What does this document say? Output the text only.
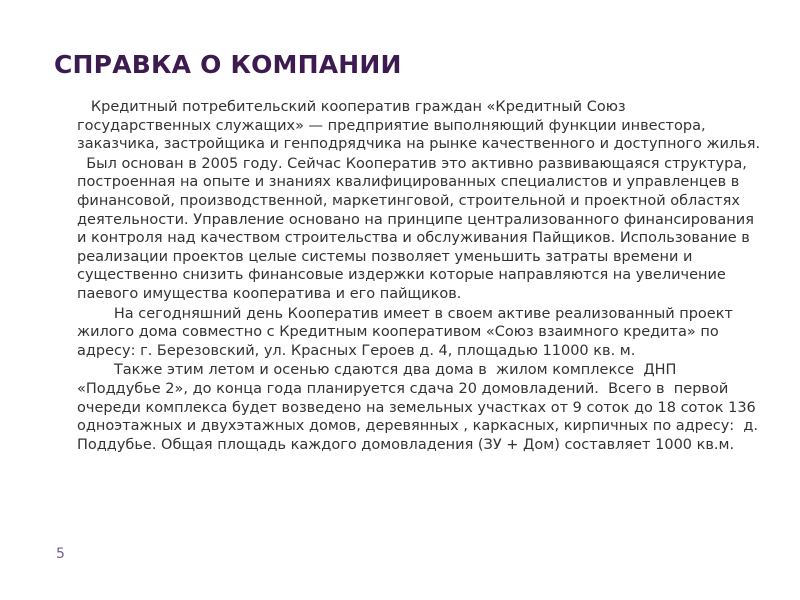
СПРАВКА О КОМПАНИИ

Кредитный потребительский кооператив граждан «Кредитный Союз государственных служащих» — предприятие выполняющий функции инвестора, заказчика, застройщика и генподрядчика на рынке качественного и доступного жилья.

Был основан в 2005 году. Сейчас Кооператив это активно развивающаяся структура, построенная на опыте и знаниях квалифицированных специалистов и управленцев в финансовой, производственной, маркетинговой, строительной и проектной областях деятельности. Управление основано на принципе централизованного финансирования и контроля над качеством строительства и обслуживания Пайщиков. Использование в реализации проектов целые системы позволяет уменьшить затраты времени и существенно снизить финансовые издержки которые направляются на увеличение паевого имущества кооператива и его пайщиков.

На сегодняшний день Кооператив имеет в своем активе реализованный проект жилого дома совместно с Кредитным кооперативом «Союз взаимного кредита» по адресу: г. Березовский, ул. Красных Героев д. 4, площадью 11000 кв. м.

Также этим летом и осенью сдаются два дома в  жилом комплексе  ДНП «Поддубье 2», до конца года планируется сдача 20 домовладений.  Всего в  первой очереди комплекса будет возведено на земельных участках от 9 соток до 18 соток 136 одноэтажных и двухэтажных домов, деревянных , каркасных, кирпичных по адресу:  д. Поддубье. Общая площадь каждого домовладения (ЗУ + Дом) составляет 1000 кв.м.

5
